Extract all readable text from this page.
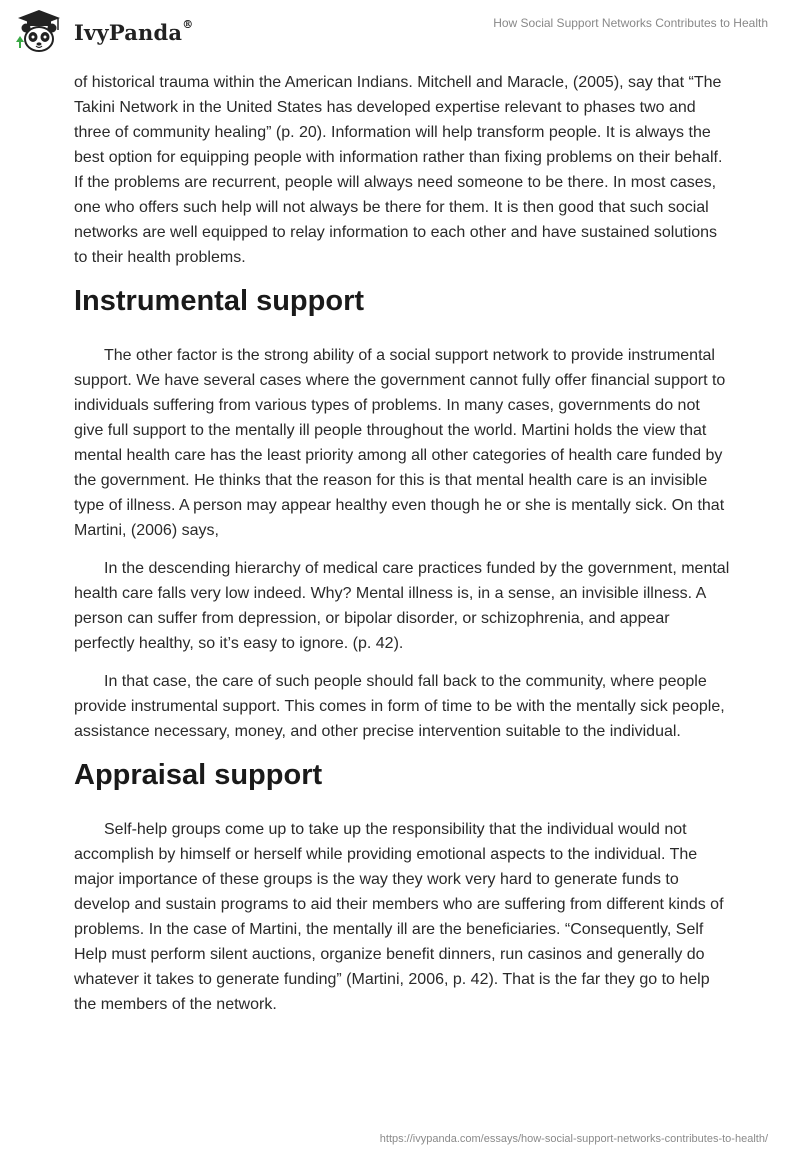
IvyPanda®	How Social Support Networks Contributes to Health

of historical trauma within the American Indians. Mitchell and Maracle, (2005), say that “The Takini Network in the United States has developed expertise relevant to phases two and three of community healing” (p. 20). Information will help transform people. It is always the best option for equipping people with information rather than fixing problems on their behalf. If the problems are recurrent, people will always need someone to be there. In most cases, one who offers such help will not always be there for them. It is then good that such social networks are well equipped to relay information to each other and have sustained solutions to their health problems.

Instrumental support

The other factor is the strong ability of a social support network to provide instrumental support. We have several cases where the government cannot fully offer financial support to individuals suffering from various types of problems. In many cases, governments do not give full support to the mentally ill people throughout the world. Martini holds the view that mental health care has the least priority among all other categories of health care funded by the government. He thinks that the reason for this is that mental health care is an invisible type of illness. A person may appear healthy even though he or she is mentally sick. On that Martini, (2006) says,

In the descending hierarchy of medical care practices funded by the government, mental health care falls very low indeed. Why? Mental illness is, in a sense, an invisible illness. A person can suffer from depression, or bipolar disorder, or schizophrenia, and appear perfectly healthy, so it’s easy to ignore. (p. 42).

In that case, the care of such people should fall back to the community, where people provide instrumental support. This comes in form of time to be with the mentally sick people, assistance necessary, money, and other precise intervention suitable to the individual.

Appraisal support

Self-help groups come up to take up the responsibility that the individual would not accomplish by himself or herself while providing emotional aspects to the individual. The major importance of these groups is the way they work very hard to generate funds to develop and sustain programs to aid their members who are suffering from different kinds of problems. In the case of Martini, the mentally ill are the beneficiaries. “Consequently, Self Help must perform silent auctions, organize benefit dinners, run casinos and generally do whatever it takes to generate funding” (Martini, 2006, p. 42). That is the far they go to help the members of the network.

https://ivypanda.com/essays/how-social-support-networks-contributes-to-health/
